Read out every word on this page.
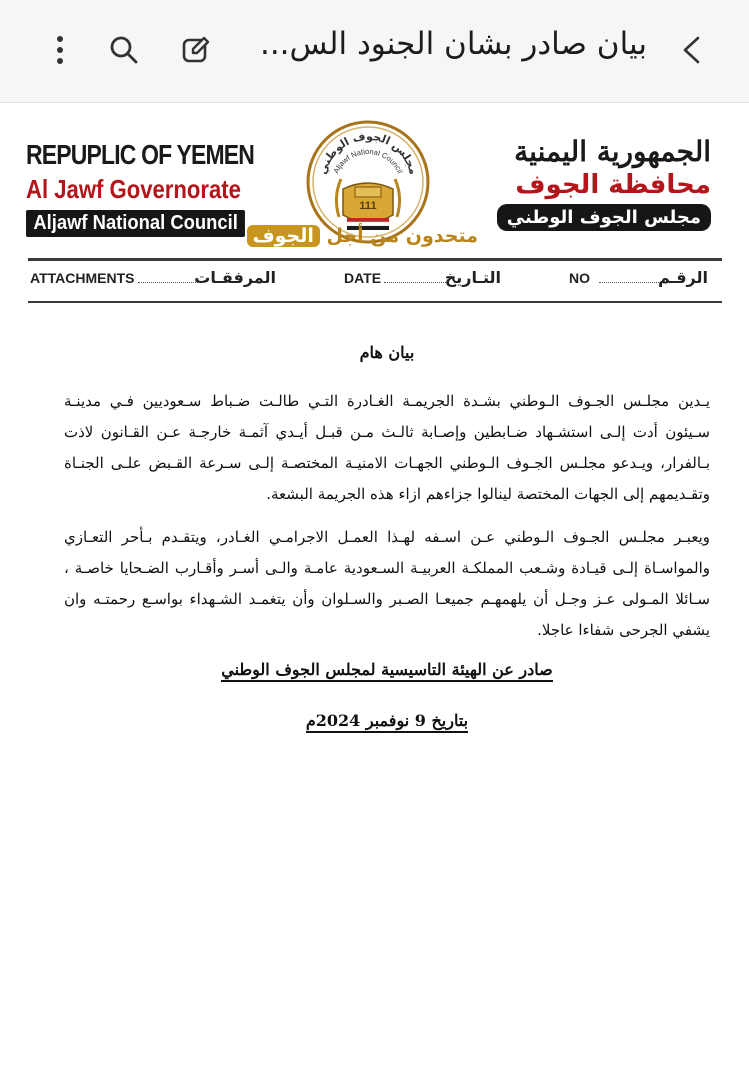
بيان صادر بشان الجنود الس...
REPUPLIC OF YEMEN
Al Jawf Governorate
Aljawf National Council
مجلس الجوف الوطني
Aljawf National Council
111
متحدون من أجل الجوف
الجمهورية اليمنية
محافظة الجوف
مجلس الجوف الوطني
الرقـم
NO
التـاريخ
DATE
المرفقـات
ATTACHMENTS
بيان هام

يـدين مجلـس الجـوف الـوطني بشـدة الجريمـة الغـادرة التـي طالـت ضـباط سـعوديين فـي مدينـة سـيئون أدت إلـى استشـهاد ضـابطين وإصـابة ثالـث مـن قبـل أيـدي آثمـة خارجـة عـن القـانون لاذت بـالفرار، ويـدعو مجلـس الجـوف الـوطني الجهـات الامنيـة المختصـة إلـى سـرعة القـبض علـى الجنـاة وتقـديمهم إلى الجهات المختصة لينالوا جزاءهم ازاء هذه الجريمة البشعة.

ويعبـر مجلـس الجـوف الـوطني عـن اسـفه لهـذا العمـل الاجرامـي الغـادر، ويتقـدم بـأحر التعـازي والمواسـاة إلـى قيـادة وشـعب المملكـة العربيـة السـعودية عامـة والـى أسـر وأقـارب الضـحايا خاصـة ، سـائلا المـولى عـز وجـل أن يلهمهـم جميعـا الصـبر والسـلوان وأن يتغمـد الشـهداء بواسـع رحمتـه وان يشفي الجرحى شفاءا عاجلا.

صادر عن الهيئة التاسيسية لمجلس الجوف الوطني
بتاريخ 9 نوفمبر 2024م
